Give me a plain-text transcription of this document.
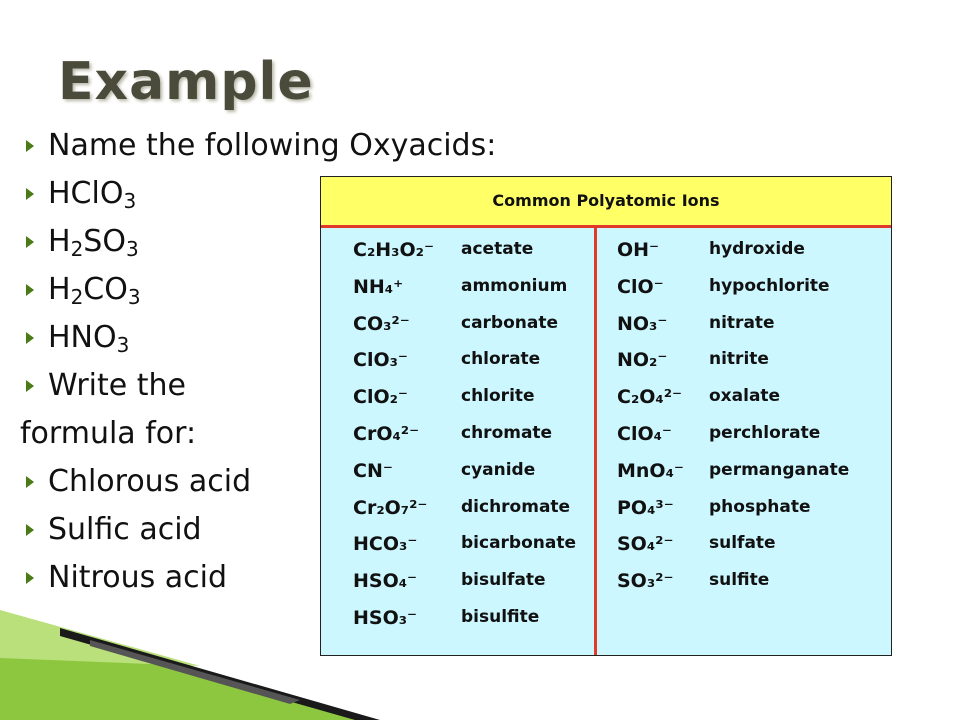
Example
Name the following Oxyacids:
HClO$_3$
$H_2SO_3$
$H_2CO_3$
$HNO_3$
Write the
formula for:
Chlorous acid
Sulfic acid
Nitrous acid
Common Polyatomic Ions
C₂H₃O₂⁻ acetate
NH₄⁺	ammonium
CO₃²⁻	carbonate
ClO₃⁻	chlorate
ClO₂⁻	chlorite
CrO₄²⁻ chromate
CN⁻	cyanide
Cr₂O₇²⁻ dichromate
HCO₃⁻	bicarbonate
HSO₄⁻	bisulfate
HSO₃⁻	bisulfite
OH⁻	hydroxide
ClO⁻	hypochlorite
NO₃⁻ nitrate
NO₂⁻ nitrite
C₂O₄²⁻ oxalate
ClO₄⁻ perchlorate
MnO₄⁻ permanganate
PO₄³⁻ phosphate
SO₄²⁻ sulfate
SO₃²⁻ sulfite
